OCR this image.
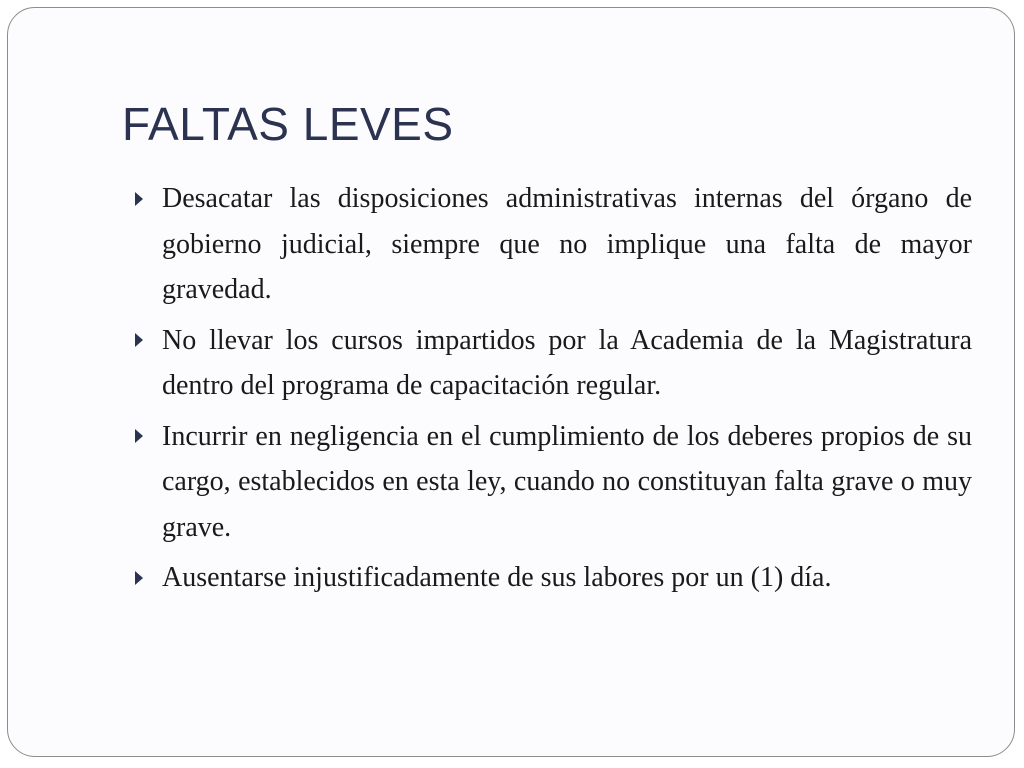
FALTAS LEVES
Desacatar las disposiciones administrativas internas del órgano de gobierno judicial, siempre que no implique una falta de mayor gravedad.
No llevar los cursos impartidos por la Academia de la Magistratura dentro del programa de capacitación regular.
Incurrir en negligencia en el cumplimiento de los deberes propios de su cargo, establecidos en esta ley, cuando no constituyan falta grave o muy grave.
Ausentarse injustificadamente de sus labores por un (1) día.
